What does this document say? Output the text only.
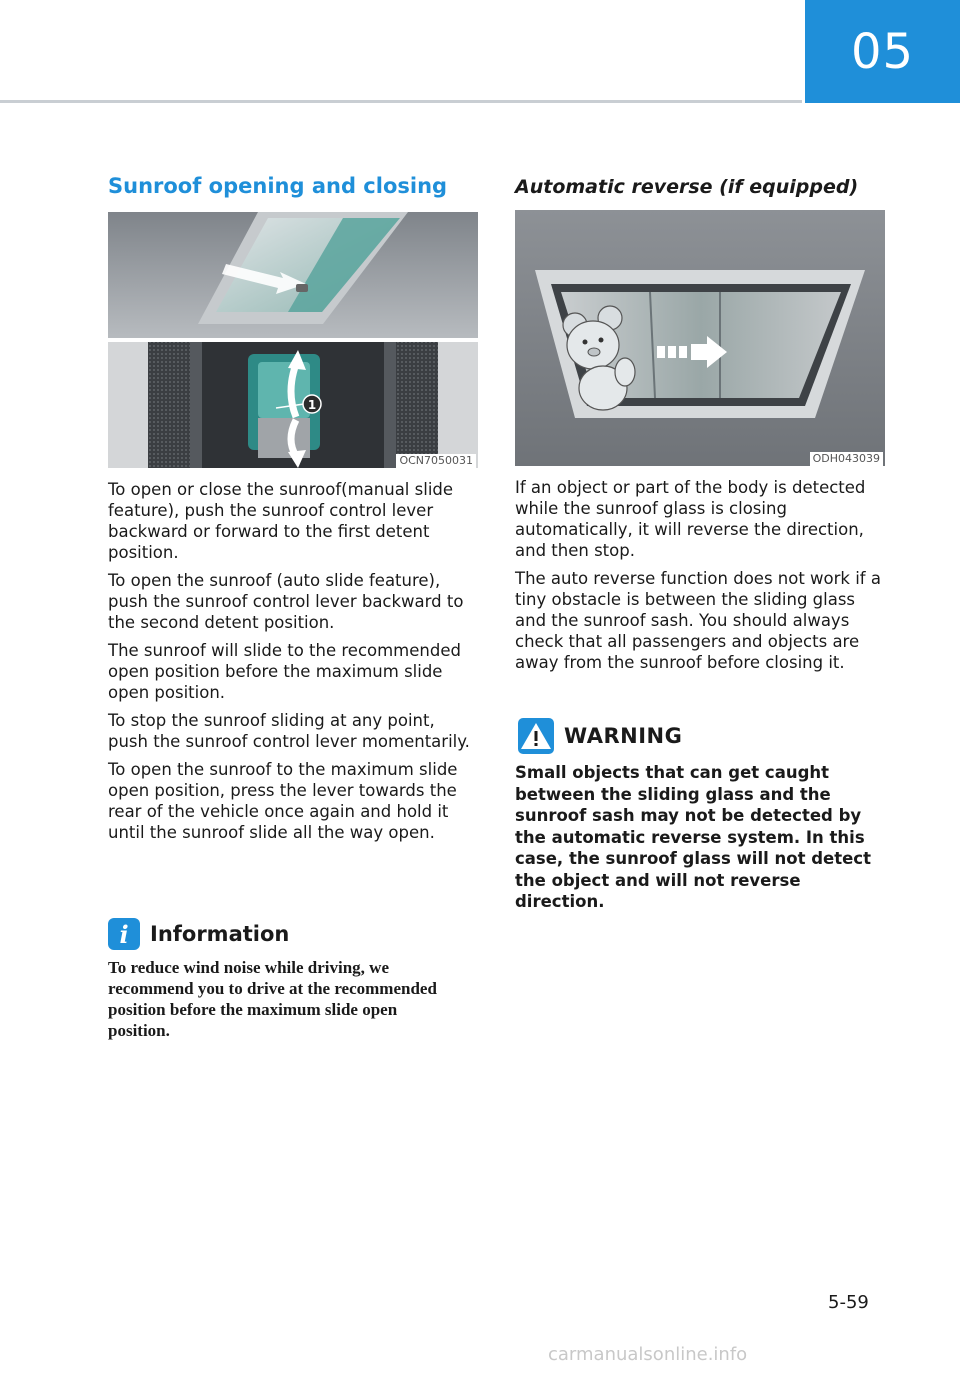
05
Sunroof opening and closing
1
OCN7050031

To open or close the sunroof(manual slide feature), push the sunroof control lever backward or forward to the first detent position.

To open the sunroof (auto slide feature), push the sunroof control lever backward to the second detent position.

The sunroof will slide to the recommended open position before the maximum slide open position.

To stop the sunroof sliding at any point, push the sunroof control lever momentarily.

To open the sunroof to the maximum slide open position, press the lever towards the rear of the vehicle once again and hold it until the sunroof slide all the way open.

i	Information
To reduce wind noise while driving, we recommend you to drive at the recommended position before the maximum slide open position.
Automatic reverse (if equipped)
ODH043039

If an object or part of the body is detected while the sunroof glass is closing automatically, it will reverse the direction, and then stop.

The auto reverse function does not work if a tiny obstacle is between the sliding glass and the sunroof sash. You should always check that all passengers and objects are away from the sunroof before closing it.

WARNING
Small objects that can get caught between the sliding glass and the sunroof sash may not be detected by the automatic reverse system. In this case, the sunroof glass will not detect the object and will not reverse direction.
5-59
carmanualsonline.info
